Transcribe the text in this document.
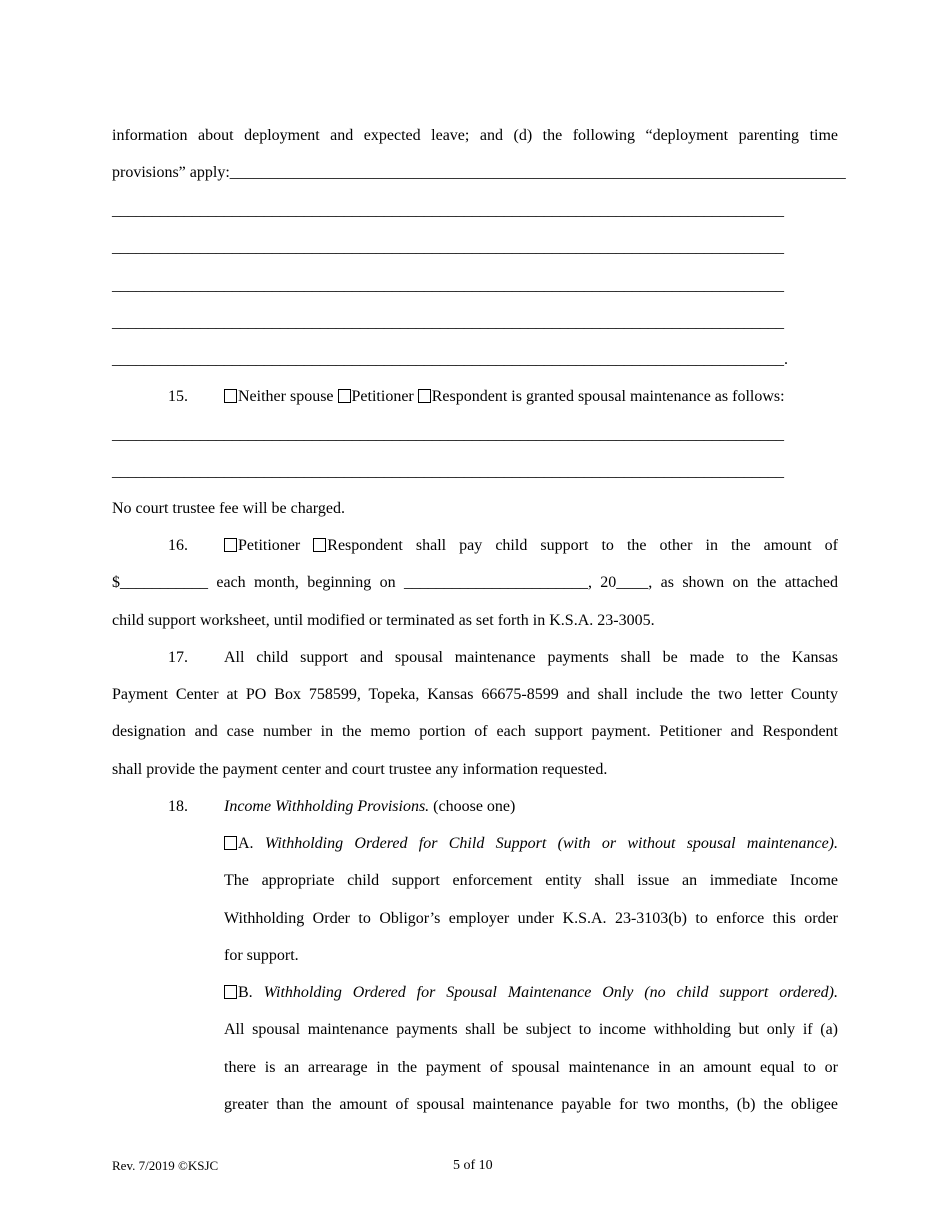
information about deployment and expected leave; and (d) the following “deployment parenting time
provisions” apply:_____________________________________________________________________________
____________________________________________________________________________________
____________________________________________________________________________________
____________________________________________________________________________________
____________________________________________________________________________________
____________________________________________________________________________________.
15.	Neither spouse Petitioner Respondent is granted spousal maintenance as follows:
____________________________________________________________________________________
____________________________________________________________________________________
No court trustee fee will be charged.
16.	Petitioner Respondent shall pay child support to the other in the amount of
$___________ each month, beginning on _______________________, 20____, as shown on the attached
child support worksheet, until modified or terminated as set forth in K.S.A. 23-3005.
17. All child support and spousal maintenance payments shall be made to the Kansas
Payment Center at PO Box 758599, Topeka, Kansas 66675-8599 and shall include the two letter County
designation and case number in the memo portion of each support payment. Petitioner and Respondent
shall provide the payment center and court trustee any information requested.
18. Income Withholding Provisions. (choose one)
A. Withholding Ordered for Child Support (with or without spousal maintenance).
The appropriate child support enforcement entity shall issue an immediate Income
Withholding Order to Obligor’s employer under K.S.A. 23-3103(b) to enforce this order
for support.
B. Withholding Ordered for Spousal Maintenance Only (no child support ordered).
All spousal maintenance payments shall be subject to income withholding but only if (a)
there is an arrearage in the payment of spousal maintenance in an amount equal to or
greater than the amount of spousal maintenance payable for two months, (b) the obligee
Rev. 7/2019 ©KSJC	5 of 10
